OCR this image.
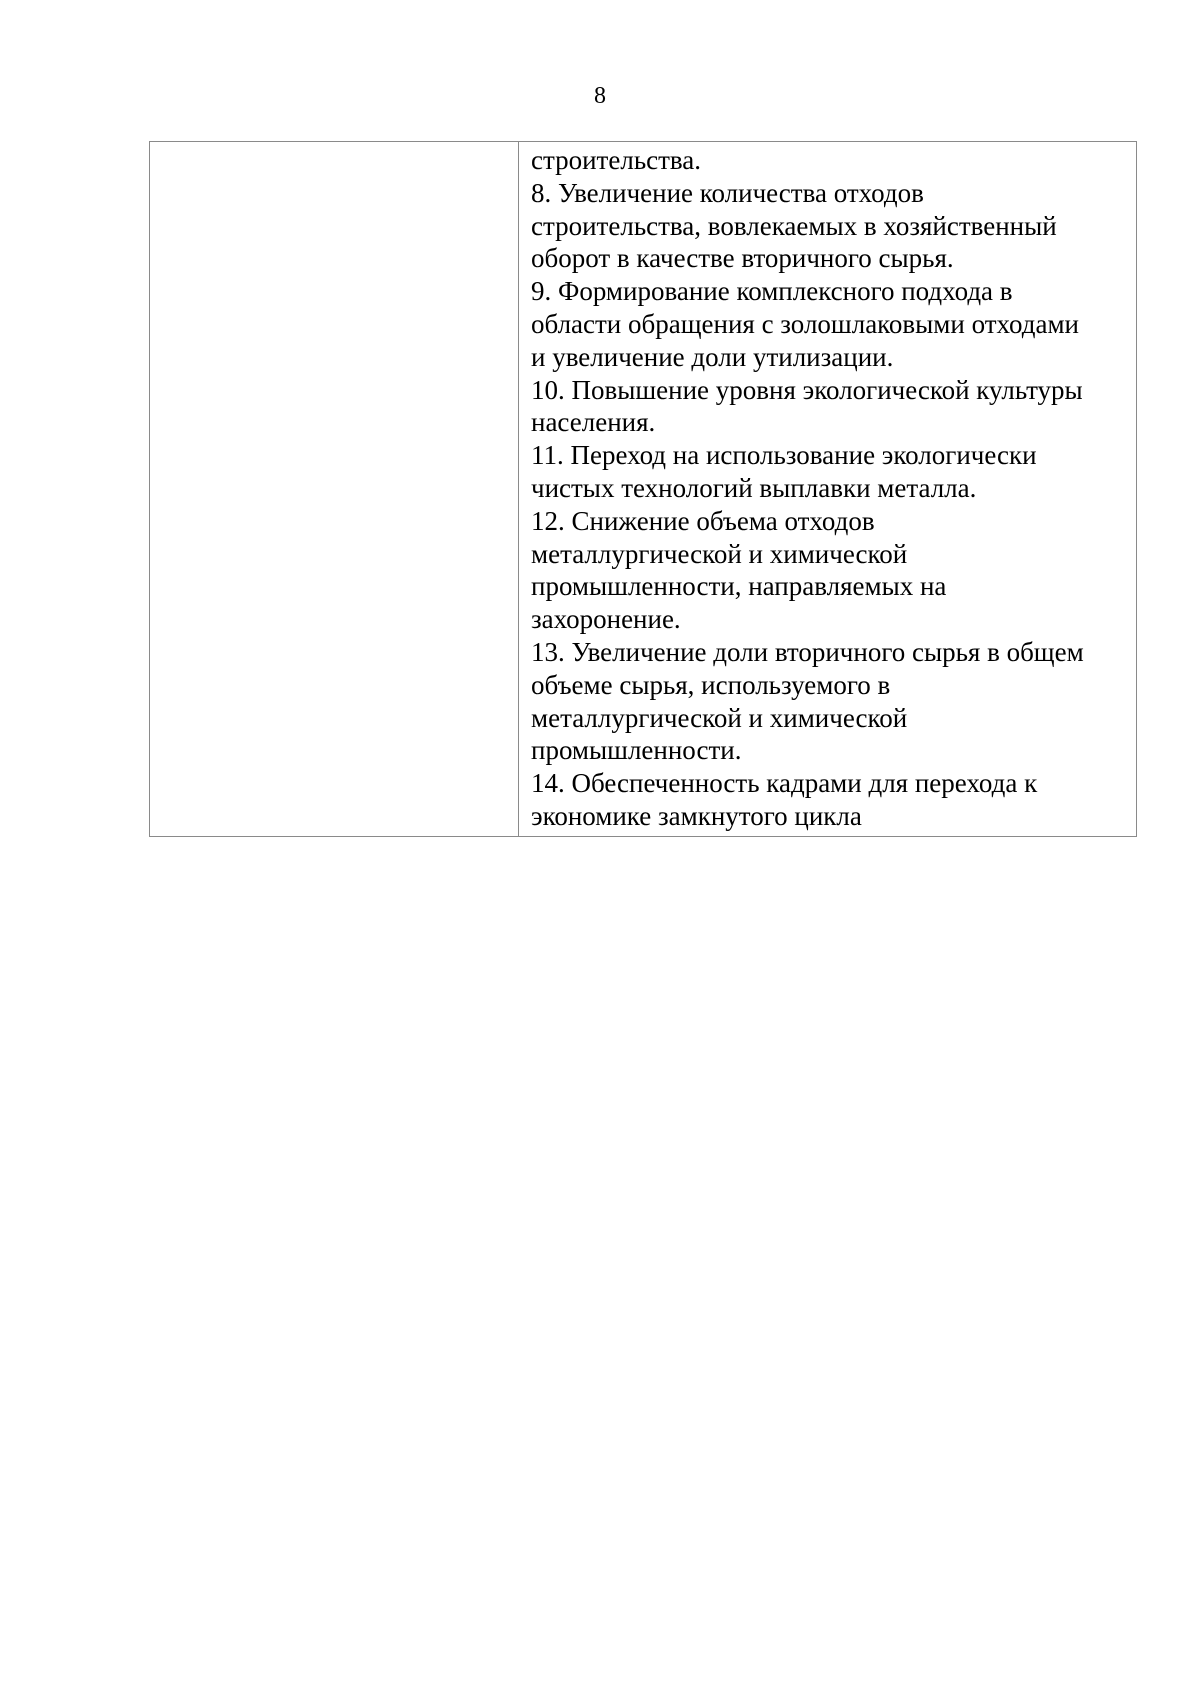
8

строительства.

8. Увеличение количества отходов

строительства, вовлекаемых в хозяйственный

оборот в качестве вторичного сырья.

9. Формирование комплексного подхода в

области обращения с золошлаковыми отходами

и увеличение доли утилизации.

10. Повышение уровня экологической культуры

населения.

11. Переход на использование экологически

чистых технологий выплавки металла.

12. Снижение объема отходов

металлургической и химической

промышленности, направляемых на

захоронение.

13. Увеличение доли вторичного сырья в общем

объеме сырья, используемого в

металлургической и химической

промышленности.

14. Обеспеченность кадрами для перехода к

экономике замкнутого цикла
